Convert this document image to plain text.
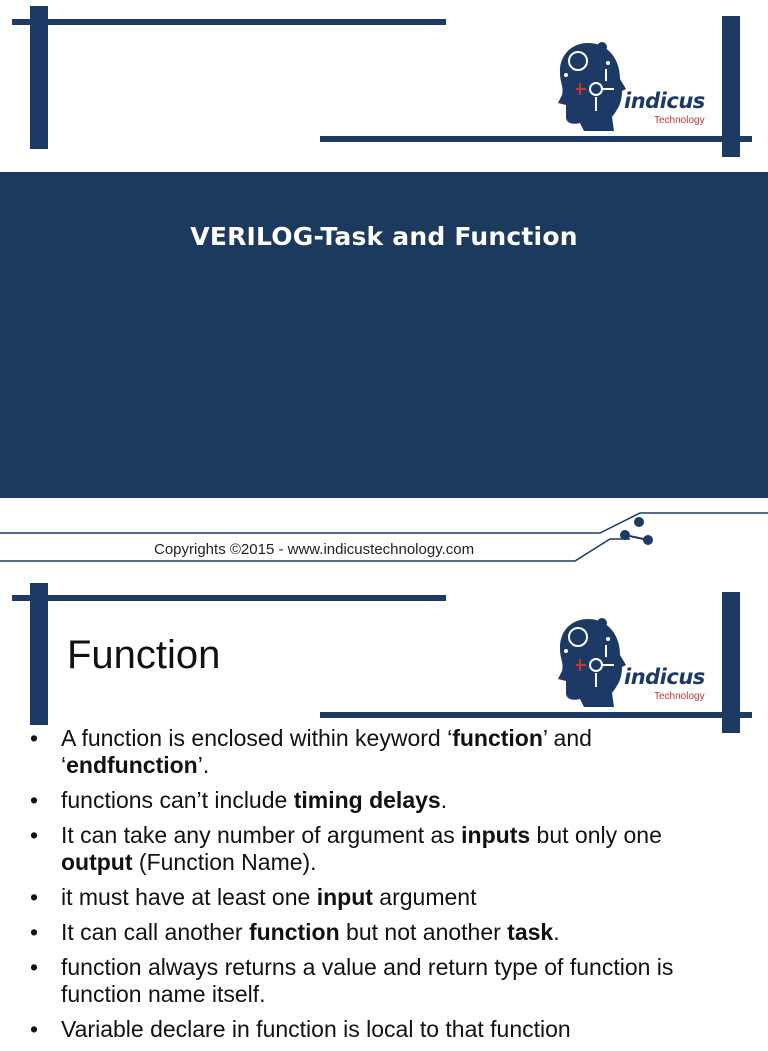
indicus
Technology
VERILOG-Task and Function
Copyrights ©2015 - www.indicustechnology.com
indicus
Technology
Function
• A function is enclosed within keyword ‘function’ and ‘endfunction’.
• functions can’t include timing delays.
• It can take any number of argument as inputs but only one output (Function Name).
• it must have at least one input argument
• It can call another function but not another task.
• function always returns a value and return type of function is function name itself.
• Variable declare in function is local to that function
